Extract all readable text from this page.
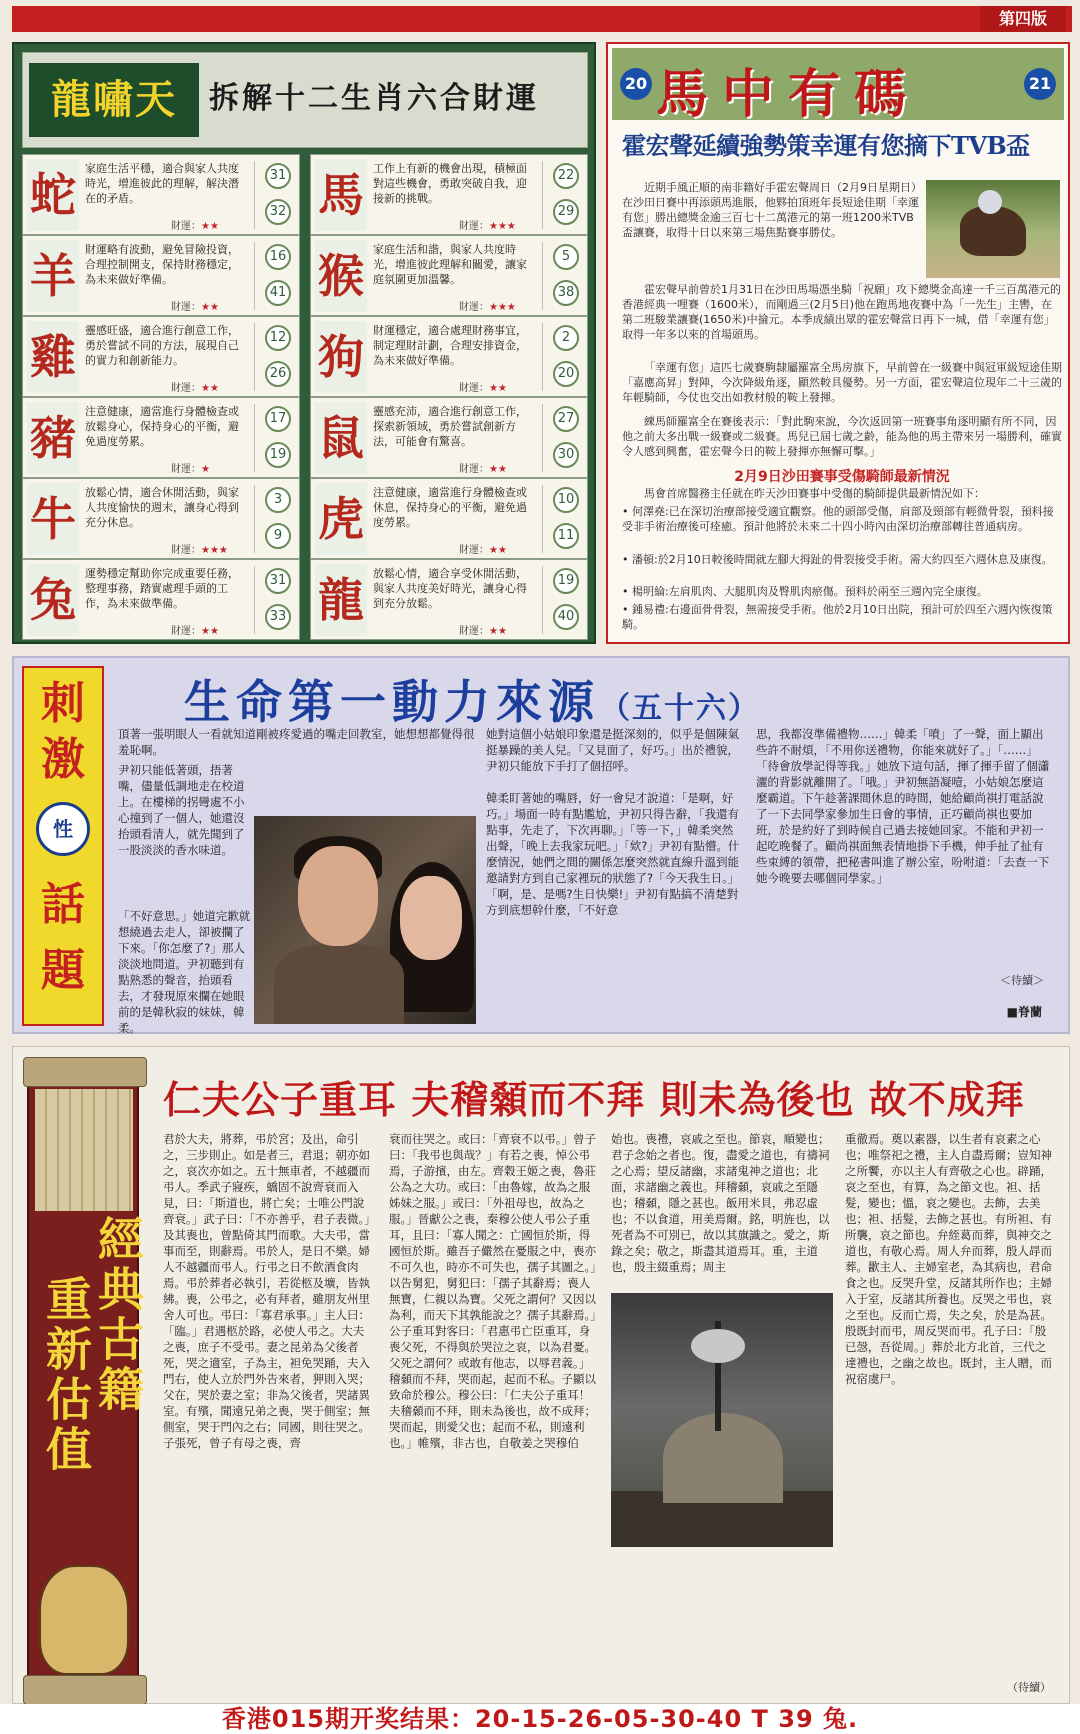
第四版
龍嘯天	拆解十二生肖六合財運
蛇 家庭生活平穩，適合與家人共度時光，增進彼此的理解，解決潛在的矛盾。
財運：★★
31
32 馬 工作上有新的機會出現，積極面對這些機會，勇敢突破自我，迎接新的挑戰。
財運：★★★
22
29
羊 財運略有波動，避免冒險投資，合理控制開支，保持財務穩定，為未來做好準備。
財運：★★
16
41 猴 家庭生活和諧，與家人共度時光，增進彼此理解和關愛，讓家庭氛圍更加溫馨。
財運：★★★
5
38
雞 靈感旺盛，適合進行創意工作，勇於嘗試不同的方法，展現自己的實力和創新能力。
財運：★★
12
26 狗 財運穩定，適合處理財務事宜，制定理財計劃，合理安排資金，為未來做好準備。
財運：★★
2
20
豬 注意健康，適當進行身體檢查或放鬆身心，保持身心的平衡，避免過度勞累。
財運：★
17
19 鼠 靈感充沛，適合進行創意工作，探索新領域，勇於嘗試創新方法，可能會有驚喜。
財運：★★
27
30
牛 放鬆心情，適合休閒活動，與家人共度愉快的週末，讓身心得到充分休息。
財運：★★★
3
9 虎 注意健康，適當進行身體檢查或休息，保持身心的平衡，避免過度勞累。
財運：★★
10
11
兔 運勢穩定幫助你完成重要任務，整理事務，踏實處理手頭的工作，為未來做準備。
財運：★★
31
33 龍 放鬆心情，適合享受休閒活動，與家人共度美好時光，讓身心得到充分放鬆。
財運：★★
19
40
20 馬中有碼	21
霍宏聲延續強勢策幸運有您摘下TVB盃
近期手風正順的南非籍好手霍宏聲周日（2月9日星期日）在沙田日賽中再添頭馬進賬，他夥拍頂班年長短途佳期「幸運有您」勝出總獎金逾三百七十二萬港元的第一班1200米TVB盃讓賽，取得十日以來第三場焦點賽事勝仗。
霍宏聲早前曾於1月31日在沙田馬場憑坐騎「祝願」攻下總獎金高達一千三百萬港元的香港經典一哩賽（1600米），而剛過三(2月5日)他在跑馬地夜賽中為「一先生」主轡，在第二班駿業讓賽(1650米)中掄元。本季成績出眾的霍宏聲當日再下一城，借「幸運有您」取得一年多以來的首場頭馬。
「幸運有您」這匹七歲賽駒隸屬羅富全馬房旗下，早前曾在一級賽中與冠軍級短途佳期「嘉應高昇」對陣，今次降級角逐，顯然較具優勢。另一方面，霍宏聲這位現年二十三歲的年輕騎師，今仗也交出如教材般的鞍上發揮。
練馬師羅富全在賽後表示：「對此駒來說，今次返回第一班賽事角逐明顯有所不同，因他之前大多出戰一級賽或二級賽。馬兒已屆七歲之齡，能為他的馬主帶來另一場勝利，確實令人感到興奮，霍宏聲今日的鞍上發揮亦無懈可擊。」
2月9日沙田賽事受傷騎師最新情況
馬會首席醫務主任就在昨天沙田賽事中受傷的騎師提供最新情況如下：
• 何澤堯:已在深切治療部接受適宜觀察。他的頭部受傷，肩部及頸部有輕微骨裂，預料接受非手術治療後可痊癒。預計他將於未來二十四小時內由深切治療部轉往普通病房。
• 潘頓:於2月10日較後時間就左腳大拇趾的骨裂接受手術。需大約四至六週休息及康復。
• 楊明綸:左肩肌肉、大腿肌肉及臀肌肉瘀傷。預料於兩至三週內完全康復。
• 鍾易禮:右邊面骨骨裂，無需接受手術。他於2月10日出院，預計可於四至六週內恢復策騎。
刺激
性
話題
生命第一動力來源（五十六）
頂著一張明眼人一看就知道剛被疼愛過的嘴走回教室，她想想都覺得很羞恥啊。
尹初只能低著頭，捂著嘴，儘量低調地走在校道上。在樓梯的拐彎處不小心撞到了一個人，她還沒抬頭看清人，就先聞到了一股淡淡的香水味道。
「不好意思。」她道完歉就想繞過去走人，卻被攔了下來。「你怎麼了?」那人淡淡地問道。尹初聽到有點熟悉的聲音，抬頭看去，才發現原來攔在她眼前的是韓秋寂的妹妹，韓柔。
她對這個小姑娘印象還是挺深刻的，似乎是個陳氣挺暴躁的美人兒。「又見面了，好巧。」出於禮貌，尹初只能放下手打了個招呼。
韓柔盯著她的嘴唇，好一會兒才說道：「是啊，好巧。」場面一時有點尷尬，尹初只得告辭，「我還有點事，先走了，下次再聊。」「等一下，」韓柔突然出聲，「晚上去我家玩吧。」「欸?」尹初有點懵。什麼情況，她們之間的關係怎麼突然就直線升溫到能邀請對方到自己家裡玩的狀態了?「今天我生日。」「啊，是、是嗎?生日快樂!」尹初有點搞不清楚對方到底想幹什麼，「不好意
思，我都沒準備禮物……」韓柔「噴」了一聲，面上顯出些許不耐煩，「不用你送禮物，你能來就好了。」「……」「待會放學記得等我。」她放下這句話，揮了揮手留了個瀟灑的背影就離開了。「哦。」尹初無語凝噎，小姑娘怎麼這麼霸道。下午趁著課間休息的時間，她給顧尚祺打電話說了一下去同學家參加生日會的事情，正巧顧尚祺也要加班，於是約好了到時候自己過去接她回家。不能和尹初一起吃晚餐了。顧尚祺面無表情地掛下手機，伸手扯了扯有些束縛的領帶，把秘書叫進了辦公室，吩咐道：「去查一下她今晚要去哪個同學家。」
＜待續＞
■脊蘭
經典古籍
重新估值
仁夫公子重耳 夫稽顙而不拜 則未為後也 故不成拜
君於大夫，將葬，弔於宮；及出，命引之，三步則止。如是者三，君退；朝亦如之，哀次亦如之。五十無車者，不越疆而弔人。季武子寢疾，蟜固不說齊衰而入見，曰：「斯道也，將亡矣；士唯公門說齊衰。」武子曰：「不亦善乎，君子表微。」及其喪也，曾點倚其門而歌。大夫弔，當事而至，則辭焉。弔於人，是日不樂。婦人不越疆而弔人。行弔之日不飲酒食肉焉。弔於葬者必執引，若從柩及壙，皆執紼。喪，公弔之，必有拜者，雖朋友州里舍人可也。弔曰：「寡君承事。」主人曰：「臨。」君遇柩於路，必使人弔之。大夫之喪，庶子不受弔。妻之昆弟為父後者死，哭之適室，子為主，袒免哭踊，夫入門右，使人立於門外告來者，狎則入哭；父在，哭於妻之室；非為父後者，哭諸異室。有殯，聞遠兄弟之喪，哭于側室；無側室，哭于門內之右；同國，則往哭之。子張死，曾子有母之喪，齊
衰而往哭之。或曰：「齊衰不以弔。」曾子曰：「我弔也與哉？」有若之喪，悼公弔焉，子游擯，由左。齊穀王姬之喪，魯莊公為之大功。或曰：「由魯嫁，故為之服姊妹之服。」或曰：「外祖母也，故為之服。」晉獻公之喪，秦穆公使人弔公子重耳，且曰：「寡人聞之：亡國恒於斯，得國恒於斯。雖吾子儼然在憂服之中，喪亦不可久也，時亦不可失也，孺子其圖之。」以告舅犯，舅犯曰：「孺子其辭焉；喪人無寶，仁親以為寶。父死之謂何？又因以為利，而天下其孰能說之？孺子其辭焉。」公子重耳對客曰：「君惠弔亡臣重耳，身喪父死，不得與於哭泣之哀，以為君憂。父死之謂何？或敢有他志，以辱君義。」稽顙而不拜，哭而起，起而不私。子顯以致命於穆公。穆公曰：「仁夫公子重耳！夫稽顙而不拜，則未為後也，故不成拜；哭而起，則愛父也；起而不私，則遠利也。」帷殯，非古也，自敬姜之哭穆伯
始也。喪禮，哀戚之至也。節哀，順變也；君子念始之者也。復，盡愛之道也，有禱祠之心焉；望反諸幽，求諸鬼神之道也；北面，求諸幽之義也。拜稽顙，哀戚之至隱也；稽顙，隱之甚也。飯用米貝，弗忍虛也；不以食道，用美焉爾。銘，明旌也，以死者為不可別已，故以其旗識之。愛之，斯錄之矣；敬之，斯盡其道焉耳。重，主道也，殷主綴重焉；周主
重徹焉。奠以素器，以生者有哀素之心也；唯祭祀之禮，主人自盡焉爾；豈知神之所饗，亦以主人有齊敬之心也。辟踊，哀之至也，有算，為之節文也。袒、括髮，變也；慍，哀之變也。去飾，去美也；袒、括髮，去飾之甚也。有所袒、有所襲，哀之節也。弁絰葛而葬，與神交之道也，有敬心焉。周人弁而葬，殷人冔而葬。歠主人、主婦室老，為其病也，君命食之也。反哭升堂，反諸其所作也；主婦入于室，反諸其所養也。反哭之弔也，哀之至也。反而亡焉，失之矣，於是為甚。殷既封而弔，周反哭而弔。孔子曰：「殷已愨，吾從周。」葬於北方北首，三代之達禮也，之幽之故也。既封，主人贈，而祝宿虞尸。
（待續）
香港015期开奖结果：20-15-26-05-30-40 T 39 兔.
